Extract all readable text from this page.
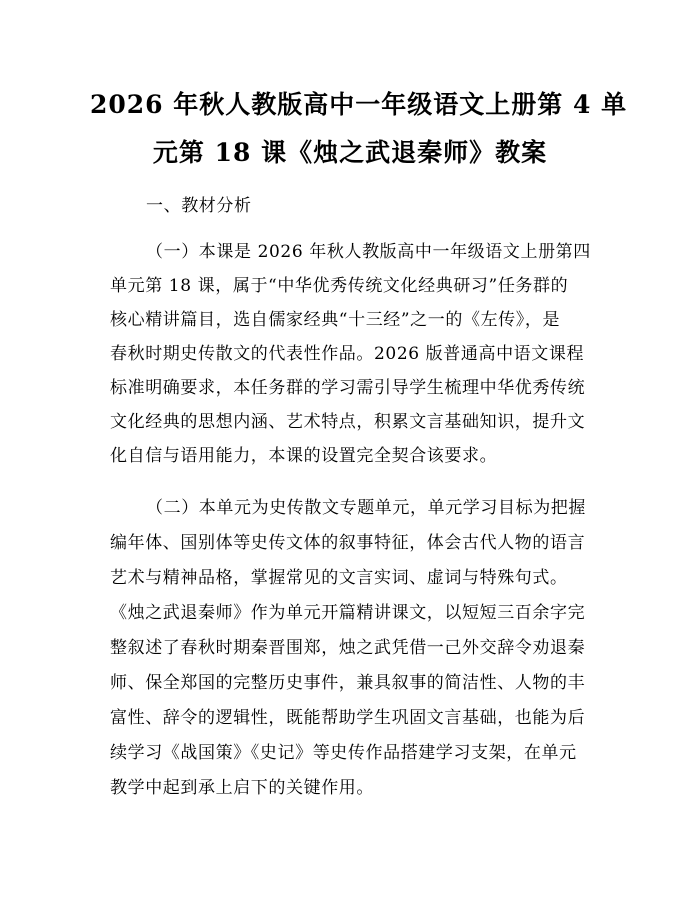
2026 年秋人教版高中一年级语文上册第 4 单
元第 18 课《烛之武退秦师》教案
一、教材分析
（一）本课是 2026 年秋人教版高中一年级语文上册第四
单元第 18 课，属于“中华优秀传统文化经典研习”任务群的
核心精讲篇目，选自儒家经典“十三经”之一的《左传》，是
春秋时期史传散文的代表性作品。2026 版普通高中语文课程
标准明确要求，本任务群的学习需引导学生梳理中华优秀传统
文化经典的思想内涵、艺术特点，积累文言基础知识，提升文
化自信与语用能力，本课的设置完全契合该要求。
（二）本单元为史传散文专题单元，单元学习目标为把握
编年体、国别体等史传文体的叙事特征，体会古代人物的语言
艺术与精神品格，掌握常见的文言实词、虚词与特殊句式。
《烛之武退秦师》作为单元开篇精讲课文，以短短三百余字完
整叙述了春秋时期秦晋围郑，烛之武凭借一己外交辞令劝退秦
师、保全郑国的完整历史事件，兼具叙事的简洁性、人物的丰
富性、辞令的逻辑性，既能帮助学生巩固文言基础，也能为后
续学习《战国策》《史记》等史传作品搭建学习支架，在单元
教学中起到承上启下的关键作用。
